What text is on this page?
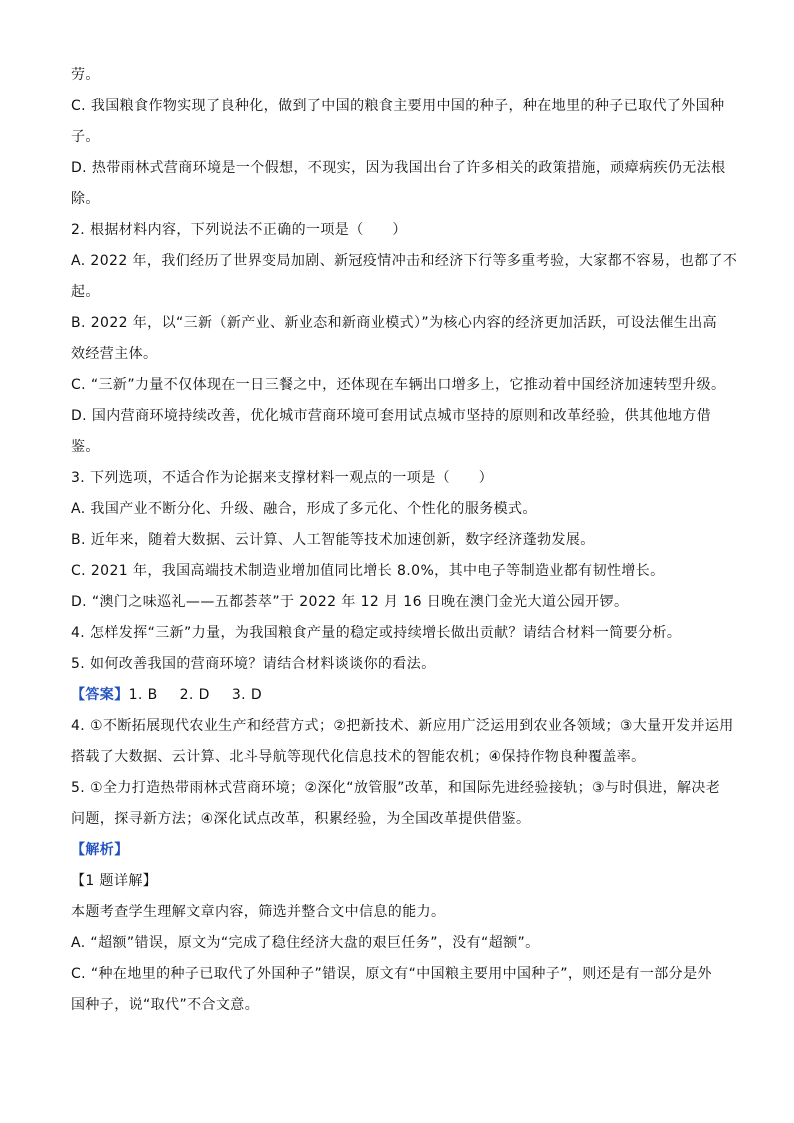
劳。
C. 我国粮食作物实现了良种化，做到了中国的粮食主要用中国的种子，种在地里的种子已取代了外国种
子。
D. 热带雨林式营商环境是一个假想，不现实，因为我国出台了许多相关的政策措施，顽瘴病疾仍无法根
除。
2. 根据材料内容，下列说法不正确的一项是（　　）
A. 2022 年，我们经历了世界变局加剧、新冠疫情冲击和经济下行等多重考验，大家都不容易，也都了不
起。
B. 2022 年，以“三新（新产业、新业态和新商业模式）”为核心内容的经济更加活跃，可设法催生出高
效经营主体。
C. “三新”力量不仅体现在一日三餐之中，还体现在车辆出口增多上，它推动着中国经济加速转型升级。
D. 国内营商环境持续改善，优化城市营商环境可套用试点城市坚持的原则和改革经验，供其他地方借
鉴。
3. 下列选项，不适合作为论据来支撑材料一观点的一项是（　　）
A. 我国产业不断分化、升级、融合，形成了多元化、个性化的服务模式。
B. 近年来，随着大数据、云计算、人工智能等技术加速创新，数字经济蓬勃发展。
C. 2021 年，我国高端技术制造业增加值同比增长 8.0%，其中电子等制造业都有韧性增长。
D. “澳门之味巡礼——五都荟萃”于 2022 年 12 月 16 日晚在澳门金光大道公园开锣。
4. 怎样发挥“三新”力量，为我国粮食产量的稳定或持续增长做出贡献？请结合材料一简要分析。
5. 如何改善我国的营商环境？请结合材料谈谈你的看法。
【答案】1. B 2. D 3. D
4. ①不断拓展现代农业生产和经营方式；②把新技术、新应用广泛运用到农业各领域；③大量开发并运用
搭载了大数据、云计算、北斗导航等现代化信息技术的智能农机；④保持作物良种覆盖率。
5. ①全力打造热带雨林式营商环境；②深化“放管服”改革，和国际先进经验接轨；③与时俱进，解决老
问题，探寻新方法；④深化试点改革，积累经验，为全国改革提供借鉴。
【解析】
【1 题详解】
本题考查学生理解文章内容，筛选并整合文中信息的能力。
A. “超额”错误，原文为“完成了稳住经济大盘的艰巨任务”，没有“超额”。
C. “种在地里的种子已取代了外国种子”错误，原文有“中国粮主要用中国种子”，则还是有一部分是外
国种子，说“取代”不合文意。
